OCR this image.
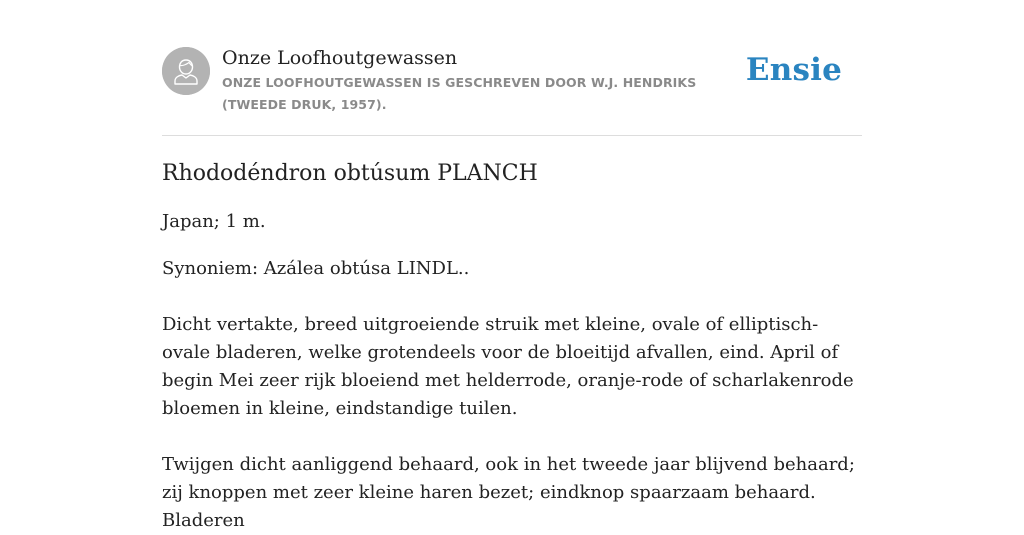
Onze Loofhoutgewassen
ONZE LOOFHOUTGEWASSEN IS GESCHREVEN DOOR W.J. HENDRIKS (TWEEDE DRUK, 1957).
Ensie
Rhododéndron obtúsum PLANCH

Japan; 1 m.

Synoniem: Azálea obtúsa LINDL..

Dicht vertakte, breed uitgroeiende struik met kleine, ovale of elliptisch-ovale bladeren, welke grotendeels voor de bloeitijd afvallen, eind. April of begin Mei zeer rijk bloeiend met helderrode, oranje-rode of scharlakenrode bloemen in kleine, eindstandige tuilen.

Twijgen dicht aanliggend behaard, ook in het tweede jaar blijvend behaard; zij knoppen met zeer kleine haren bezet; eindknop spaarzaam behaard. Bladeren
